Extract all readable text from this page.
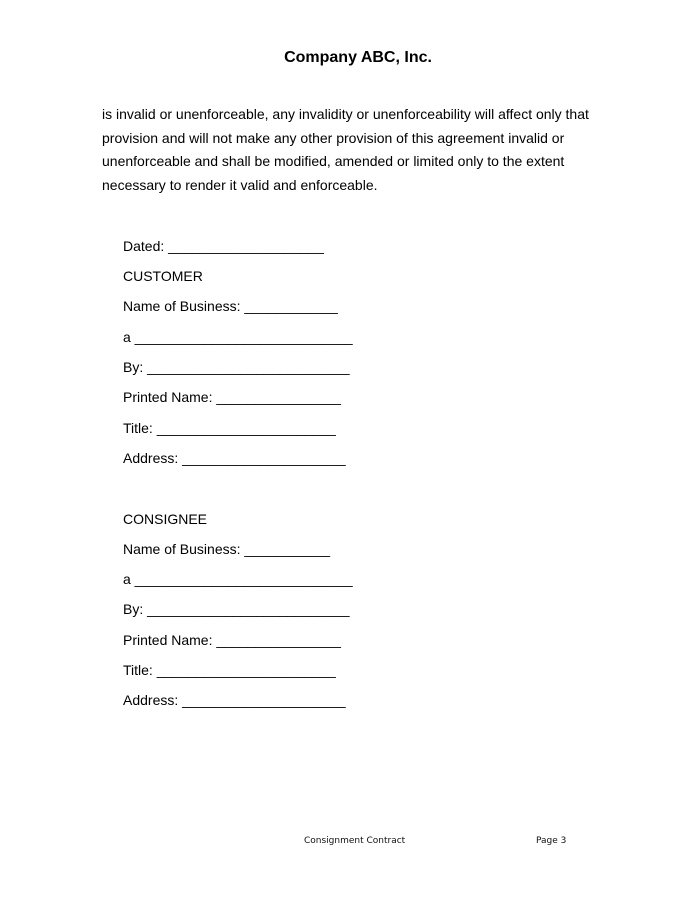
Company ABC, Inc.
is invalid or unenforceable, any invalidity or unenforceability will affect only that
provision and will not make any other provision of this agreement invalid or
unenforceable and shall be modified, amended or limited only to the extent
necessary to render it valid and enforceable.
Dated: ____________________
CUSTOMER
Name of Business: ____________
a ____________________________
By: __________________________
Printed Name: ________________
Title: _______________________
Address: _____________________
CONSIGNEE
Name of Business: ___________
a ____________________________
By: __________________________
Printed Name: ________________
Title: _______________________
Address: _____________________
Consignment Contract	Page 3
